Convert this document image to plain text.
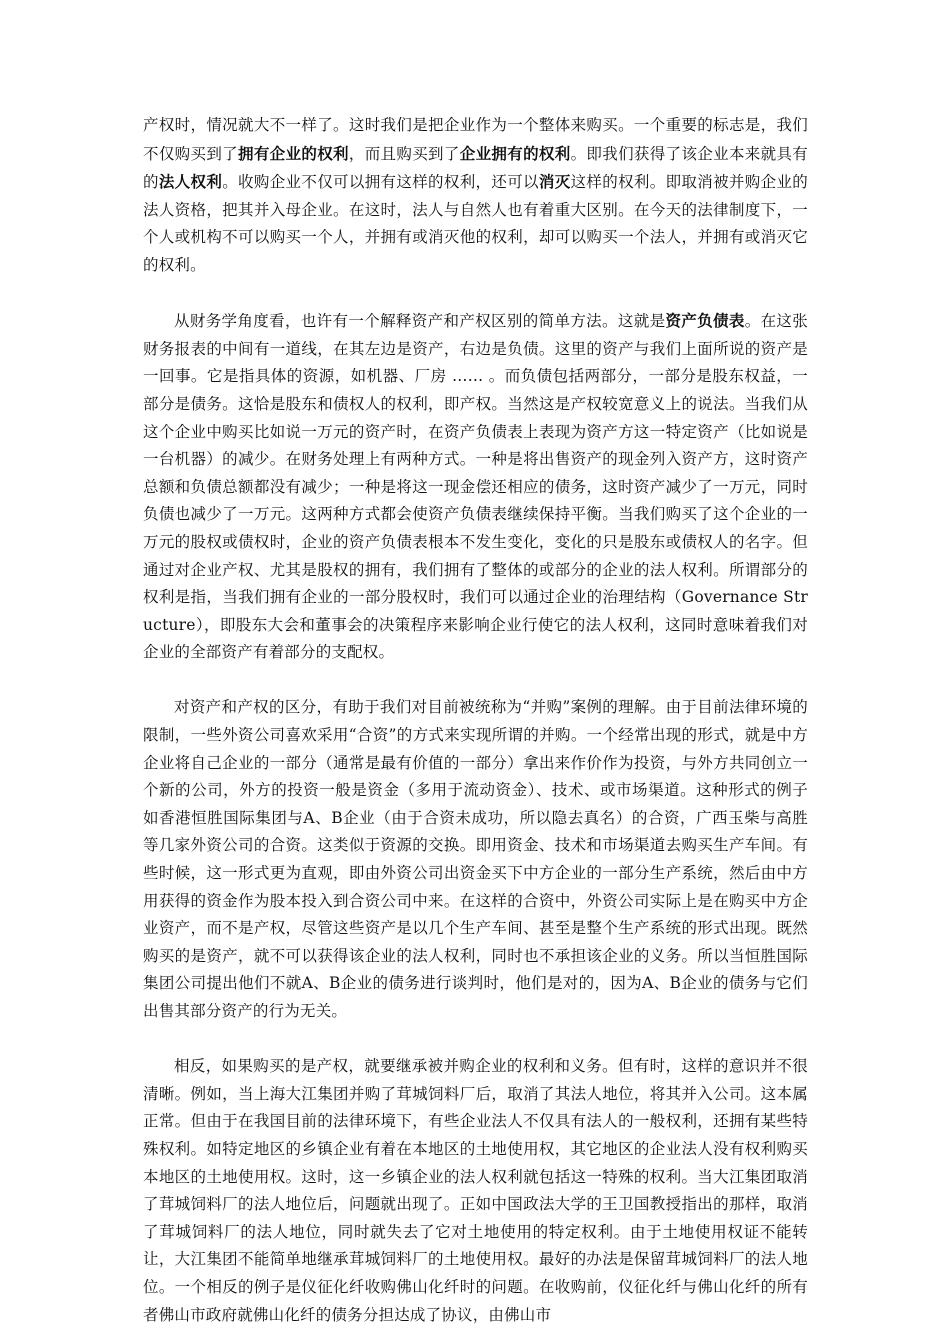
产权时，情况就大不一样了。这时我们是把企业作为一个整体来购买。一个重要的标志是，我们不仅购买到了拥有企业的权利，而且购买到了企业拥有的权利。即我们获得了该企业本来就具有的法人权利。收购企业不仅可以拥有这样的权利，还可以消灭这样的权利。即取消被并购企业的法人资格，把其并入母企业。在这时，法人与自然人也有着重大区别。在今天的法律制度下，一个人或机构不可以购买一个人，并拥有或消灭他的权利，却可以购买一个法人，并拥有或消灭它的权利。

从财务学角度看，也许有一个解释资产和产权区别的简单方法。这就是资产负债表。在这张财务报表的中间有一道线，在其左边是资产，右边是负债。这里的资产与我们上面所说的资产是一回事。它是指具体的资源，如机器、厂房 …… 。而负债包括两部分，一部分是股东权益，一部分是债务。这恰是股东和债权人的权利，即产权。当然这是产权较宽意义上的说法。当我们从这个企业中购买比如说一万元的资产时，在资产负债表上表现为资产方这一特定资产（比如说是一台机器）的减少。在财务处理上有两种方式。一种是将出售资产的现金列入资产方，这时资产总额和负债总额都没有减少；一种是将这一现金偿还相应的债务，这时资产减少了一万元，同时负债也减少了一万元。这两种方式都会使资产负债表继续保持平衡。当我们购买了这个企业的一万元的股权或债权时，企业的资产负债表根本不发生变化，变化的只是股东或债权人的名字。但通过对企业产权、尤其是股权的拥有，我们拥有了整体的或部分的企业的法人权利。所谓部分的权利是指，当我们拥有企业的一部分股权时，我们可以通过企业的治理结构（Governance Structure），即股东大会和董事会的决策程序来影响企业行使它的法人权利，这同时意味着我们对企业的全部资产有着部分的支配权。

对资产和产权的区分，有助于我们对目前被统称为“并购”案例的理解。由于目前法律环境的限制，一些外资公司喜欢采用“合资”的方式来实现所谓的并购。一个经常出现的形式，就是中方企业将自己企业的一部分（通常是最有价值的一部分）拿出来作价作为投资，与外方共同创立一个新的公司，外方的投资一般是资金（多用于流动资金）、技术、或市场渠道。这种形式的例子如香港恒胜国际集团与A、B企业（由于合资未成功，所以隐去真名）的合资，广西玉柴与高胜等几家外资公司的合资。这类似于资源的交换。即用资金、技术和市场渠道去购买生产车间。有些时候，这一形式更为直观，即由外资公司出资金买下中方企业的一部分生产系统，然后由中方用获得的资金作为股本投入到合资公司中来。在这样的合资中，外资公司实际上是在购买中方企业资产，而不是产权，尽管这些资产是以几个生产车间、甚至是整个生产系统的形式出现。既然购买的是资产，就不可以获得该企业的法人权利，同时也不承担该企业的义务。所以当恒胜国际集团公司提出他们不就A、B企业的债务进行谈判时，他们是对的，因为A、B企业的债务与它们出售其部分资产的行为无关。

相反，如果购买的是产权，就要继承被并购企业的权利和义务。但有时，这样的意识并不很清晰。例如，当上海大江集团并购了茸城饲料厂后，取消了其法人地位，将其并入公司。这本属正常。但由于在我国目前的法律环境下，有些企业法人不仅具有法人的一般权利，还拥有某些特殊权利。如特定地区的乡镇企业有着在本地区的土地使用权，其它地区的企业法人没有权利购买本地区的土地使用权。这时，这一乡镇企业的法人权利就包括这一特殊的权利。当大江集团取消了茸城饲料厂的法人地位后，问题就出现了。正如中国政法大学的王卫国教授指出的那样，取消了茸城饲料厂的法人地位，同时就失去了它对土地使用的特定权利。由于土地使用权证不能转让，大江集团不能简单地继承茸城饲料厂的土地使用权。最好的办法是保留茸城饲料厂的法人地位。一个相反的例子是仪征化纤收购佛山化纤时的问题。在收购前，仪征化纤与佛山化纤的所有者佛山市政府就佛山化纤的债务分担达成了协议，由佛山市
